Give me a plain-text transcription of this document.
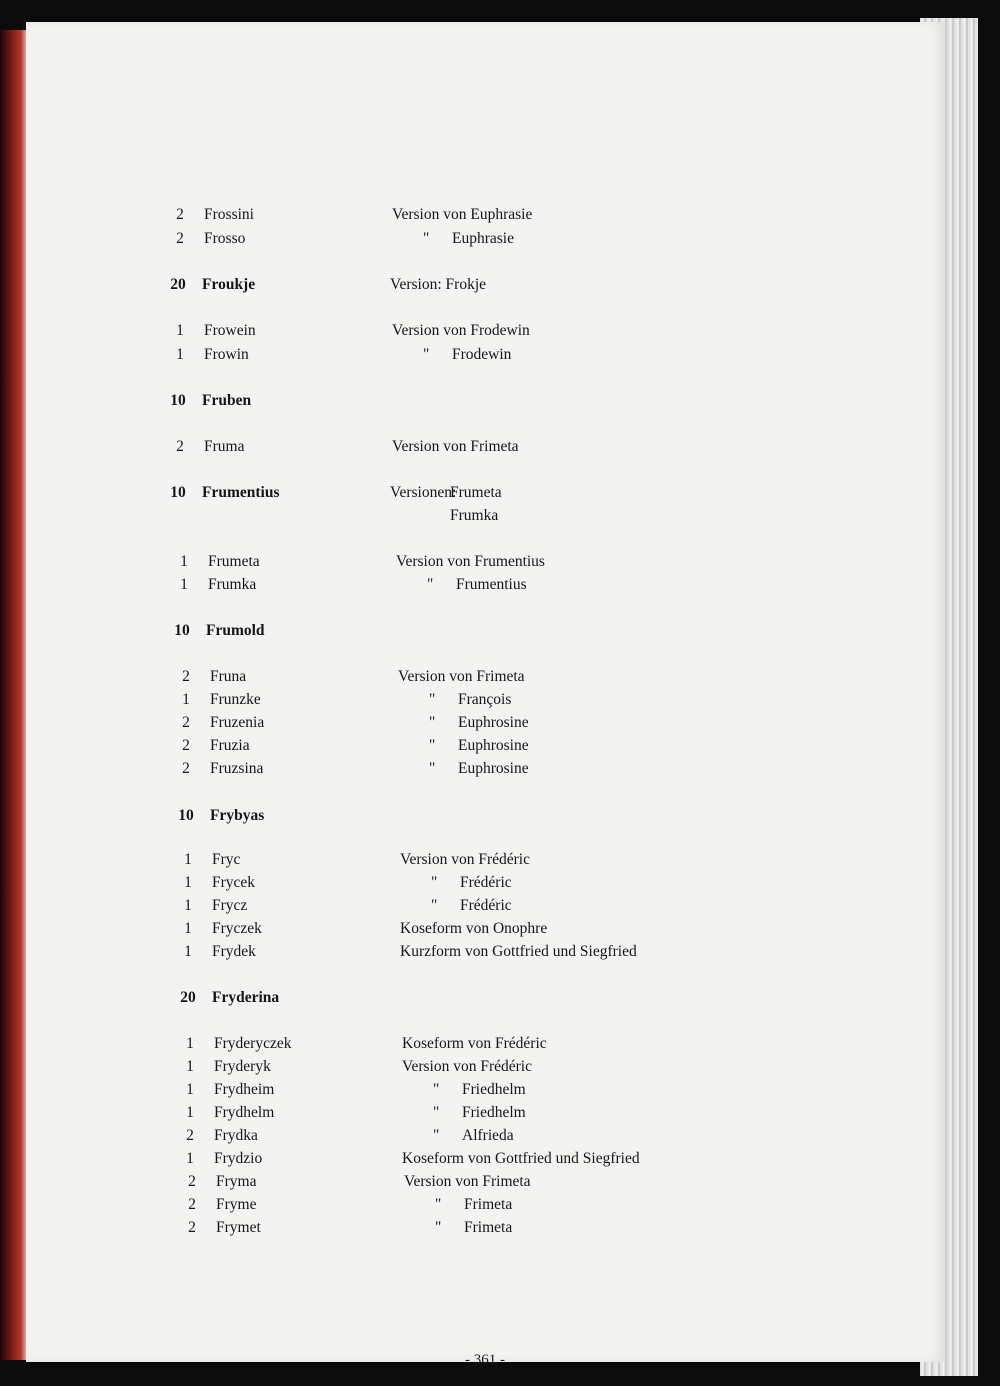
2	Frossini	Version von Euphrasie
2	Frosso	" Euphrasie
20 Froukje	Version: Frokje
1	Frowein	Version von Frodewin
1	Frowin	" Frodewin
10 Fruben
2	Fruma	Version von Frimeta
10 Frumentius	Versionen:
Frumeta
Frumka
1	Frumeta	Version von Frumentius
1	Frumka	" Frumentius
10 Frumold
2	Fruna	Version von Frimeta
1	Frunzke	" François
2	Fruzenia	" Euphrosine
2	Fruzia	" Euphrosine
2	Fruzsina	" Euphrosine
10 Frybyas
1	Fryc	Version von Frédéric
1	Frycek	" Frédéric
1	Frycz	" Frédéric
1	Fryczek	Koseform von Onophre
1	Frydek	Kurzform von Gottfried und Siegfried
20 Fryderina
1	Fryderyczek	Koseform von Frédéric
1	Fryderyk	Version von Frédéric
1	Frydheim	" Friedhelm
1	Frydhelm	" Friedhelm
2	Frydka	" Alfrieda
1	Frydzio	Koseform von Gottfried und Siegfried
2	Fryma	Version von Frimeta
2	Fryme	" Frimeta
2	Frymet	" Frimeta
- 361 -
